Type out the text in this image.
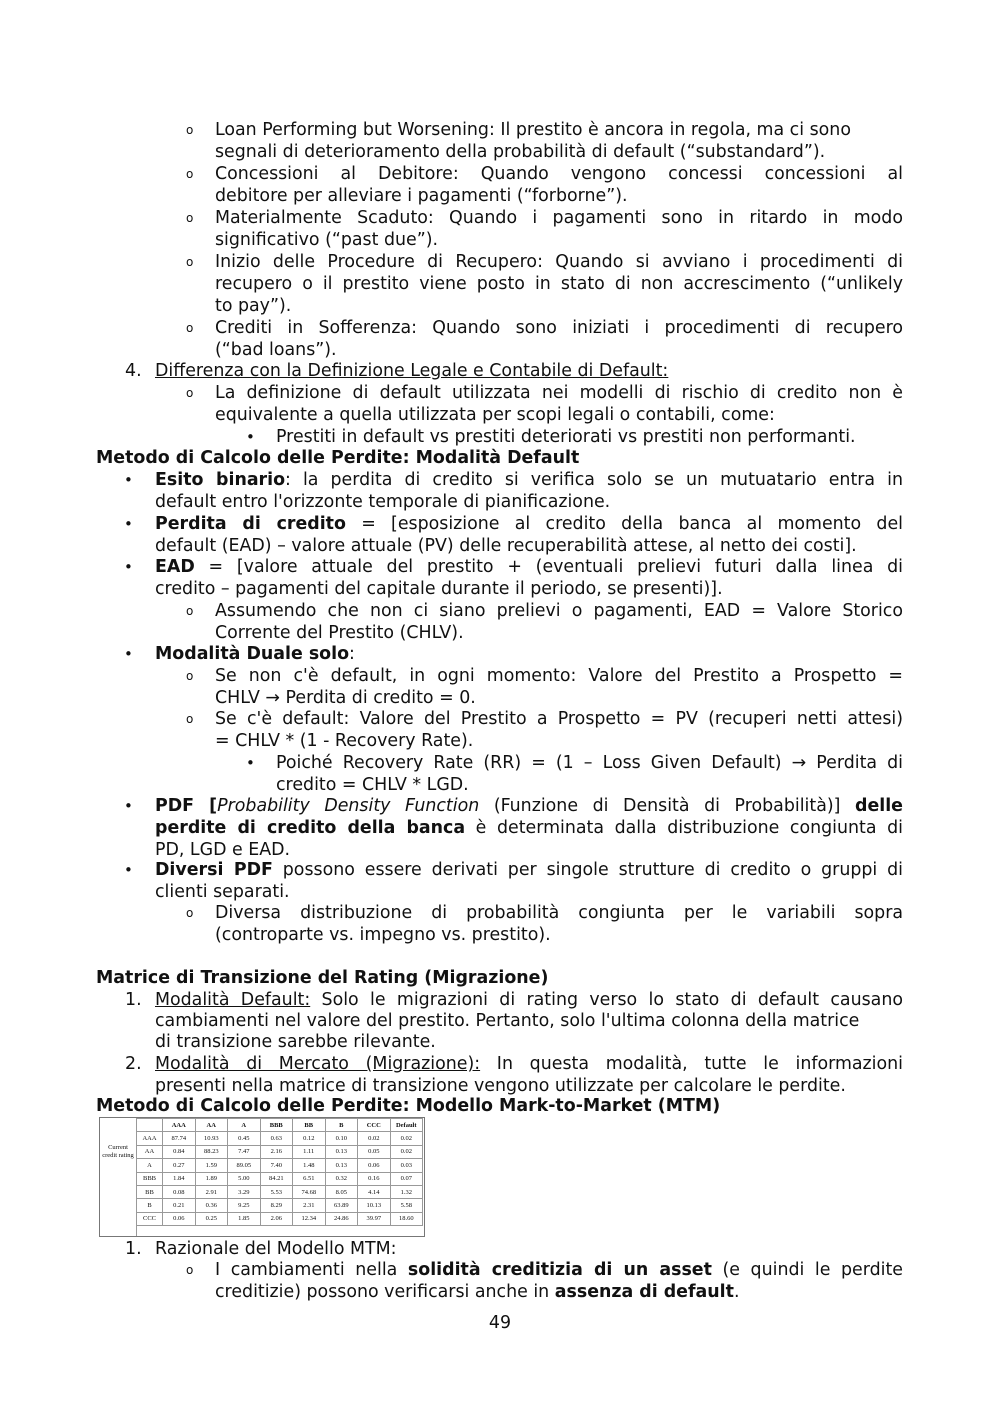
o Loan Performing but Worsening: Il prestito è ancora in regola, ma ci sono
segnali di deterioramento della probabilità di default (“substandard”).
o Concessioni al Debitore: Quando vengono concessi concessioni al
debitore per alleviare i pagamenti (“forborne”).
o Materialmente Scaduto: Quando i pagamenti sono in ritardo in modo
significativo (“past due”).
o Inizio delle Procedure di Recupero: Quando si avviano i procedimenti di
recupero o il prestito viene posto in stato di non accrescimento (“unlikely
to pay”).
o Crediti in Sofferenza: Quando sono iniziati i procedimenti di recupero
(“bad loans”).
4. Differenza con la Definizione Legale e Contabile di Default:
o La definizione di default utilizzata nei modelli di rischio di credito non è
equivalente a quella utilizzata per scopi legali o contabili, come:
• Prestiti in default vs prestiti deteriorati vs prestiti non performanti.
Metodo di Calcolo delle Perdite: Modalità Default
• Esito binario: la perdita di credito si verifica solo se un mutuatario entra in
default entro l'orizzonte temporale di pianificazione.
• Perdita di credito = [esposizione al credito della banca al momento del
default (EAD) – valore attuale (PV) delle recuperabilità attese, al netto dei costi].
• EAD = [valore attuale del prestito + (eventuali prelievi futuri dalla linea di
credito – pagamenti del capitale durante il periodo, se presenti)].
o Assumendo che non ci siano prelievi o pagamenti, EAD = Valore Storico
Corrente del Prestito (CHLV).
• Modalità Duale solo:
o Se non c'è default, in ogni momento: Valore del Prestito a Prospetto =
CHLV → Perdita di credito = 0.
o Se c'è default: Valore del Prestito a Prospetto = PV (recuperi netti attesi)
= CHLV * (1 - Recovery Rate).
• Poiché Recovery Rate (RR) = (1 – Loss Given Default) → Perdita di
credito = CHLV * LGD.
• PDF [Probability Density Function (Funzione di Densità di Probabilità)] delle
perdite di credito della banca è determinata dalla distribuzione congiunta di
PD, LGD e EAD.
• Diversi PDF possono essere derivati per singole strutture di credito o gruppi di
clienti separati.
o Diversa distribuzione di probabilità congiunta per le variabili sopra
(controparte vs. impegno vs. prestito).
Matrice di Transizione del Rating (Migrazione)
1. Modalità Default: Solo le migrazioni di rating verso lo stato di default causano
cambiamenti nel valore del prestito. Pertanto, solo l'ultima colonna della matrice
di transizione sarebbe rilevante.
2. Modalità di Mercato (Migrazione): In questa modalità, tutte le informazioni
presenti nella matrice di transizione vengono utilizzate per calcolare le perdite.
Metodo di Calcolo delle Perdite: Modello Mark-to-Market (MTM)
Current credit rating
	AAA	AA	A	BBB	BB	B	CCC	Default
AAA	87.74	10.93	0.45	0.63	0.12	0.10	0.02	0.02
AA	0.84	88.23	7.47	2.16	1.11	0.13	0.05	0.02
A	0.27	1.59	89.05	7.40	1.48	0.13	0.06	0.03
BBB	1.84	1.89	5.00	84.21	6.51	0.32	0.16	0.07
BB	0.08	2.91	3.29	5.53	74.68	8.05	4.14	1.32
B	0.21	0.36	9.25	8.29	2.31	63.89	10.13	5.58
CCC	0.06	0.25	1.85	2.06	12.34	24.86	39.97	18.60
1. Razionale del Modello MTM:
o I cambiamenti nella solidità creditizia di un asset (e quindi le perdite
creditizie) possono verificarsi anche in assenza di default.
49
